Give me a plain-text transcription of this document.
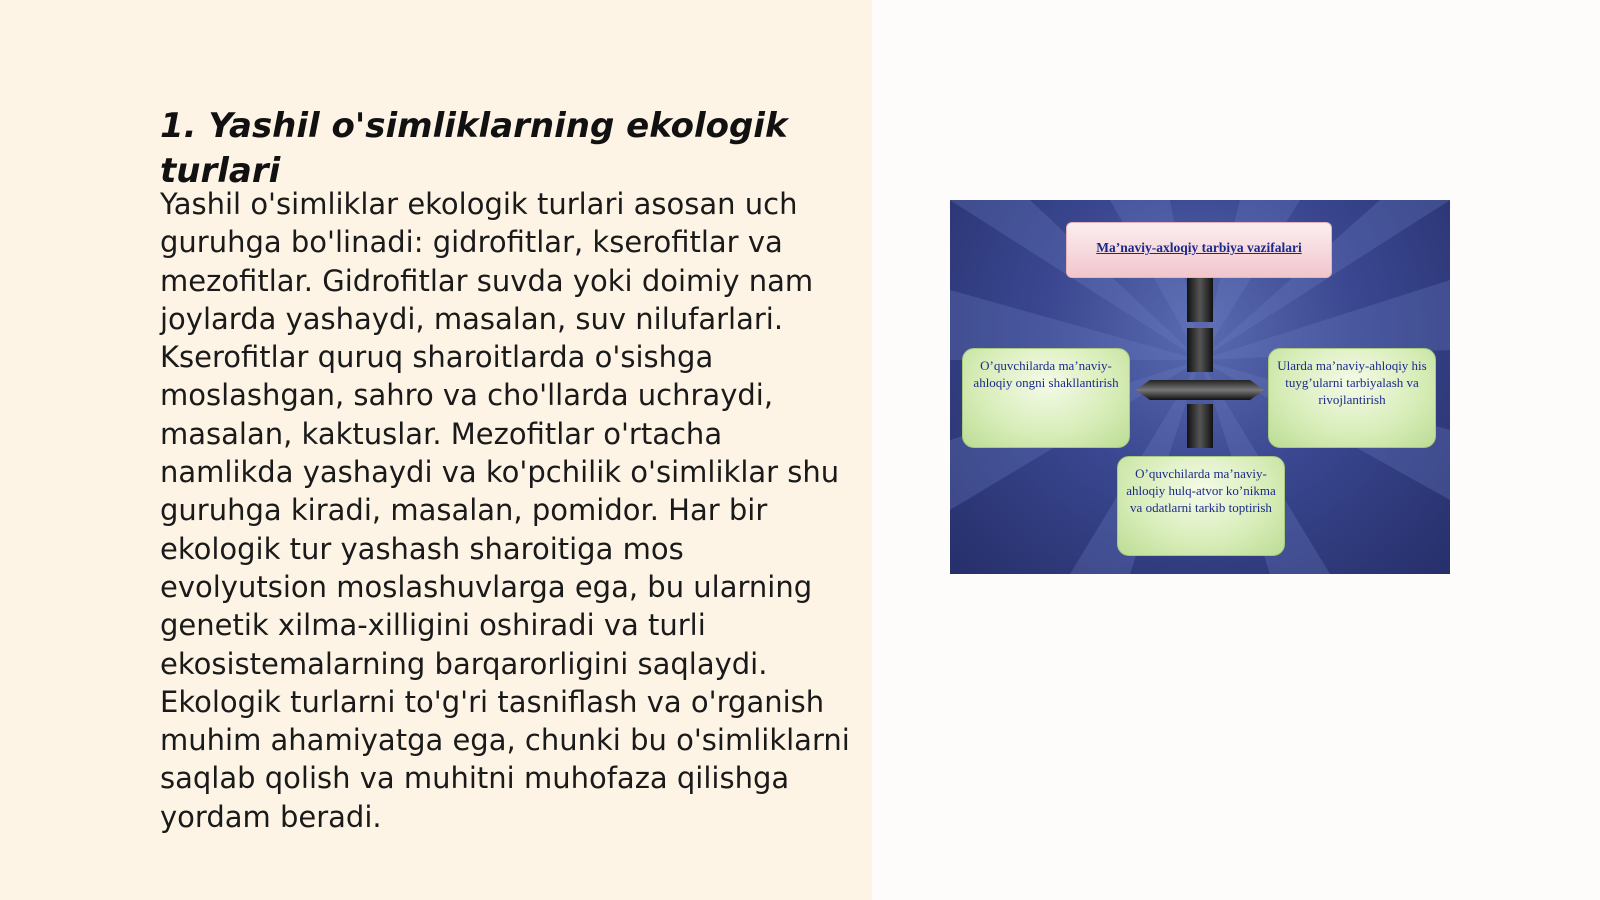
1. Yashil o'simliklarning ekologik turlari

Yashil o'simliklar ekologik turlari asosan uch guruhga bo'linadi: gidrofitlar, kserofitlar va mezofitlar. Gidrofitlar suvda yoki doimiy nam joylarda yashaydi, masalan, suv nilufarlari. Kserofitlar quruq sharoitlarda o'sishga moslashgan, sahro va cho'llarda uchraydi, masalan, kaktuslar. Mezofitlar o'rtacha namlikda yashaydi va ko'pchilik o'simliklar shu guruhga kiradi, masalan, pomidor. Har bir ekologik tur yashash sharoitiga mos evolyutsion moslashuvlarga ega, bu ularning genetik xilma-xilligini oshiradi va turli ekosistemalarning barqarorligini saqlaydi. Ekologik turlarni to'g'ri tasniflash va o'rganish muhim ahamiyatga ega, chunki bu o'simliklarni saqlab qolish va muhitni muhofaza qilishga yordam beradi.

Ma’naviy-axloqiy tarbiya vazifalari
O’quvchilarda ma’naviy-ahloqiy ongni shakllantirish
Ularda ma’naviy-ahloqiy his tuyg’ularni tarbiyalash va rivojlantirish
O’quvchilarda ma’naviy-ahloqiy hulq-atvor ko’nikma va odatlarni tarkib toptirish
